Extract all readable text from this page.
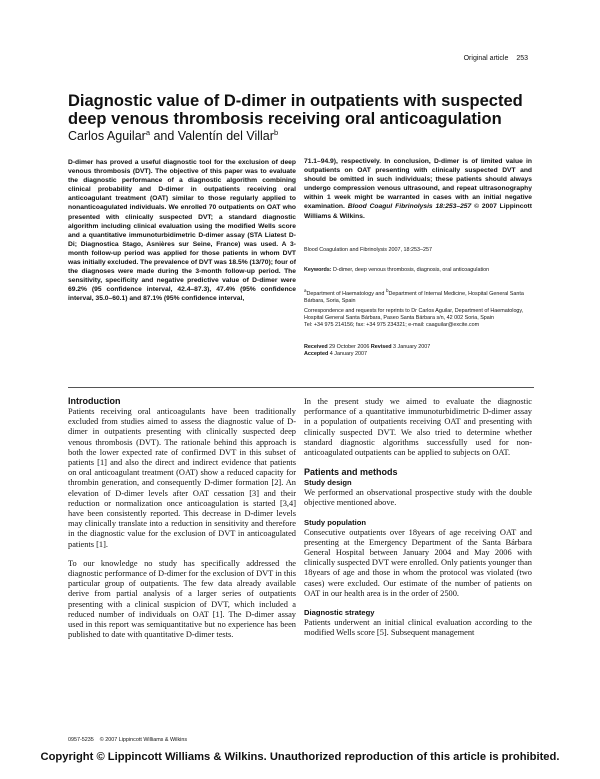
Original article 253
Diagnostic value of D-dimer in outpatients with suspected deep venous thrombosis receiving oral anticoagulation
Carlos Aguilar$^a$ and Valentín del Villar$^b$
D-dimer has proved a useful diagnostic tool for the exclusion of deep venous thrombosis (DVT). The objective of this paper was to evaluate the diagnostic performance of a diagnostic algorithm combining clinical probability and D-dimer in outpatients receiving oral anticoagulant treatment (OAT) similar to those regularly applied to nonanticoagulated individuals. We enrolled 70 outpatients on OAT who presented with clinically suspected DVT; a standard diagnostic algorithm including clinical evaluation using the modified Wells score and a quantitative immunoturbidimetric D-dimer assay (STA Liatest D-Di; Diagnostica Stago, Asnières sur Seine, France) was used. A 3-month follow-up period was applied for those patients in whom DVT was initially excluded. The prevalence of DVT was 18.5% (13/70); four of the diagnoses were made during the 3-month follow-up period. The sensitivity, specificity and negative predictive value of D-dimer were 69.2% (95 confidence interval, 42.4–87.3), 47.4% (95% confidence interval, 35.0–60.1) and 87.1% (95% confidence interval,
71.1–94.9), respectively. In conclusion, D-dimer is of limited value in outpatients on OAT presenting with clinically suspected DVT and should be omitted in such individuals; these patients should always undergo compression venous ultrasound, and repeat ultrasonography within 1 week might be warranted in cases with an initial negative examination. Blood Coagul Fibrinolysis 18:253–257 © 2007 Lippincott Williams & Wilkins.
Blood Coagulation and Fibrinolysis 2007, 18:253–257
Keywords: D-dimer, deep venous thrombosis, diagnosis, oral anticoagulation
$^a$Department of Haematology and $^b$Department of Internal Medicine, Hospital General Santa Bárbara, Soria, Spain
Correspondence and requests for reprints to Dr Carlos Aguilar, Department of Haematology, Hospital General Santa Bárbara, Paseo Santa Bárbara s/n, 42 002 Soria, Spain
Tel: +34 975 214156; fax: +34 975 234321; e-mail: caaguilar@excite.com
Received 29 October 2006 Revised 3 January 2007
Accepted 4 January 2007

Introduction

Patients receiving oral anticoagulants have been traditionally excluded from studies aimed to assess the diagnostic value of D-dimer in outpatients presenting with clinically suspected deep venous thrombosis (DVT). The rationale behind this approach is both the lower expected rate of confirmed DVT in this subset of patients [1] and also the direct and indirect evidence that patients on oral anticoagulant treatment (OAT) show a reduced capacity for thrombin generation, and consequently D-dimer formation [2]. An elevation of D-dimer levels after OAT cessation [3] and their reduction or normalization once anticoagulation is started [3,4] have been consistently reported. This decrease in D-dimer levels may clinically translate into a reduction in sensitivity and therefore in the diagnostic value for the exclusion of DVT in anticoagulated patients [1].

To our knowledge no study has specifically addressed the diagnostic performance of D-dimer for the exclusion of DVT in this particular group of outpatients. The few data already available derive from partial analysis of a larger series of outpatients presenting with a clinical suspicion of DVT, which included a reduced number of individuals on OAT [1]. The D-dimer assay used in this report was semiquantitative but no experience has been published to date with quantitative D-dimer tests.

In the present study we aimed to evaluate the diagnostic performance of a quantitative immunoturbidimetric D-dimer assay in a population of outpatients receiving OAT and presenting with clinically suspected DVT. We also tried to determine whether standard diagnostic algorithms successfully used for non-anticoagulated outpatients can be applied to subjects on OAT.

Patients and methods

Study design

We performed an observational prospective study with the double objective mentioned above.

Study population

Consecutive outpatients over 18years of age receiving OAT and presenting at the Emergency Department of the Santa Bárbara General Hospital between January 2004 and May 2006 with clinically suspected DVT were enrolled. Only patients younger than 18years of age and those in whom the protocol was violated (two cases) were excluded. Our estimate of the number of patients on OAT in our health area is in the order of 2500.

Diagnostic strategy

Patients underwent an initial clinical evaluation according to the modified Wells score [5]. Subsequent management

0957-5235 © 2007 Lippincott Williams & Wilkins
Copyright © Lippincott Williams & Wilkins. Unauthorized reproduction of this article is prohibited.
